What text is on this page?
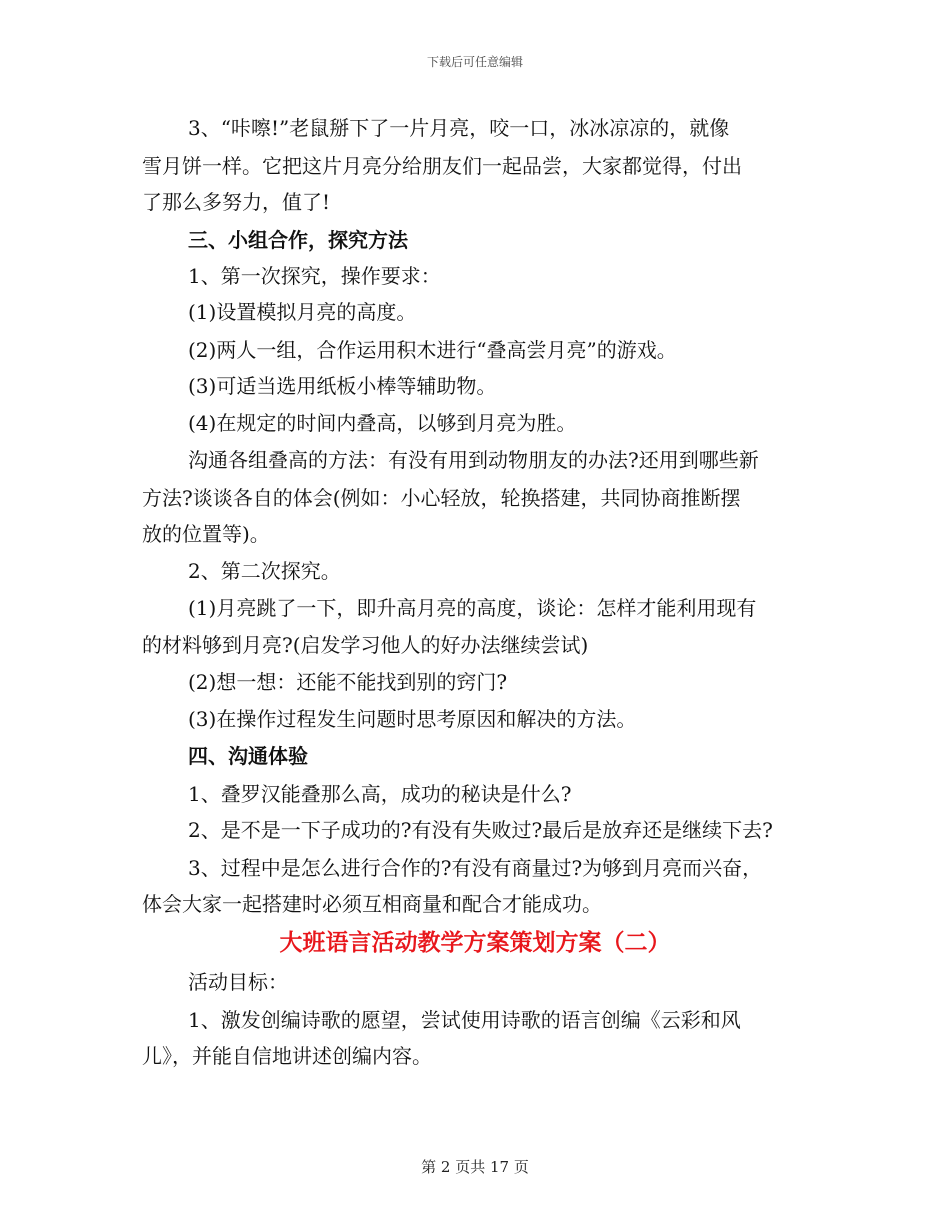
下载后可任意编辑
3、“咔嚓!”老鼠掰下了一片月亮，咬一口，冰冰凉凉的，就像
雪月饼一样。它把这片月亮分给朋友们一起品尝，大家都觉得，付出
了那么多努力，值了!
三、小组合作，探究方法
1、第一次探究，操作要求：
(1)设置模拟月亮的高度。
(2)两人一组，合作运用积木进行“叠高尝月亮”的游戏。
(3)可适当选用纸板小棒等辅助物。
(4)在规定的时间内叠高，以够到月亮为胜。
沟通各组叠高的方法：有没有用到动物朋友的办法?还用到哪些新
方法?谈谈各自的体会(例如：小心轻放，轮换搭建，共同协商推断摆
放的位置等)。
2、第二次探究。
(1)月亮跳了一下，即升高月亮的高度，谈论：怎样才能利用现有
的材料够到月亮?(启发学习他人的好办法继续尝试)
(2)想一想：还能不能找到别的窍门?
(3)在操作过程发生问题时思考原因和解决的方法。
四、沟通体验
1、叠罗汉能叠那么高，成功的秘诀是什么?
2、是不是一下子成功的?有没有失败过?最后是放弃还是继续下去?
3、过程中是怎么进行合作的?有没有商量过?为够到月亮而兴奋，
体会大家一起搭建时必须互相商量和配合才能成功。
大班语言活动教学方案策划方案（二）
活动目标：
1、激发创编诗歌的愿望，尝试使用诗歌的语言创编《云彩和风
儿》，并能自信地讲述创编内容。
第 2 页共 17 页
